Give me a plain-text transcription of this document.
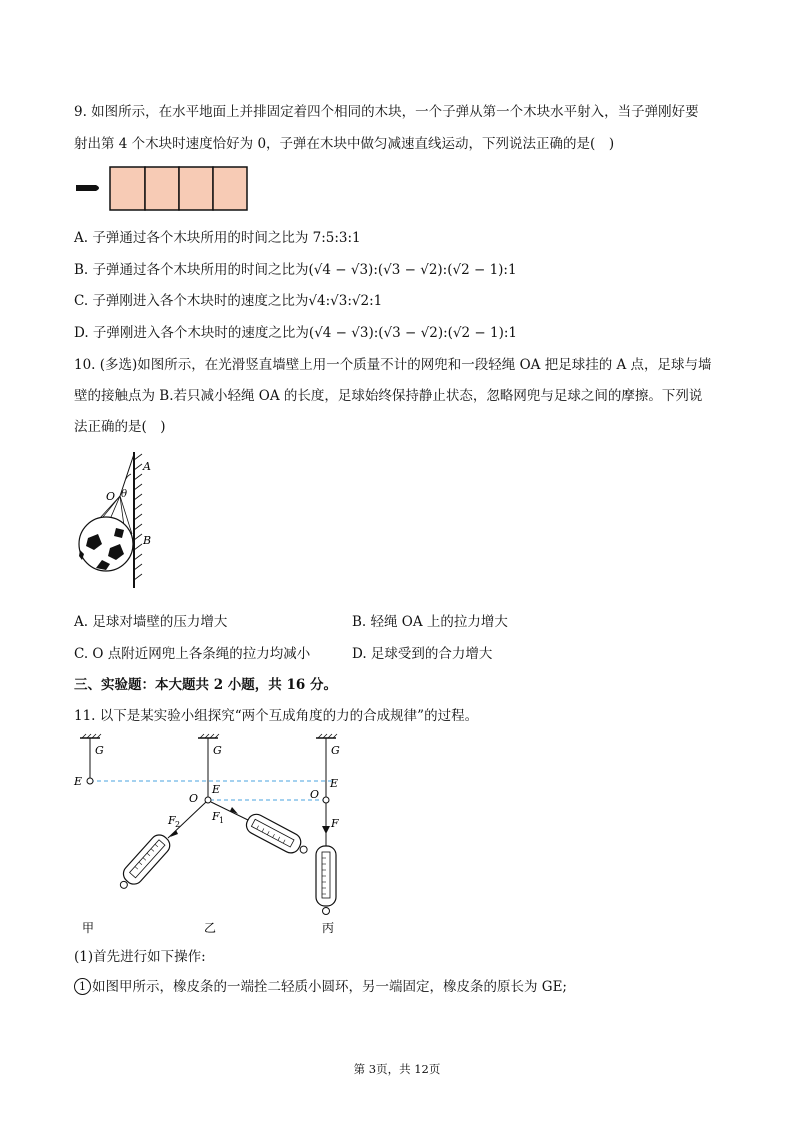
9. 如图所示，在水平地面上并排固定着四个相同的木块，一个子弹从第一个木块水平射入，当子弹刚好要
射出第 4 个木块时速度恰好为 0，子弹在木块中做匀减速直线运动，下列说法正确的是(　)
A. 子弹通过各个木块所用的时间之比为 7:5:3:1
B. 子弹通过各个木块所用的时间之比为(√4 − √3):(√3 − √2):(√2 − 1):1
C. 子弹刚进入各个木块时的速度之比为√4:√3:√2:1
D. 子弹刚进入各个木块时的速度之比为(√4 − √3):(√3 − √2):(√2 − 1):1
10. (多选)如图所示，在光滑竖直墙壁上用一个质量不计的网兜和一段轻绳 OA 把足球挂的 A 点，足球与墙
壁的接触点为 B.若只减小轻绳 OA 的长度，足球始终保持静止状态，忽略网兜与足球之间的摩擦。下列说
法正确的是(　)
A
O θ
B
A. 足球对墙壁的压力增大	B. 轻绳 OA 上的拉力增大
C. O 点附近网兜上各条绳的拉力均减小	D. 足球受到的合力增大
三、实验题：本大题共 2 小题，共 16 分。
11. 以下是某实验小组探究“两个互成角度的力的合成规律”的过程。
G
E
G
E
O
F 2
F 1
G
E
O
F
甲	乙	丙
(1)首先进行如下操作:
1 如图甲所示，橡皮条的一端拴二轻质小圆环，另一端固定，橡皮条的原长为 GE;
第 3页，共 12页
